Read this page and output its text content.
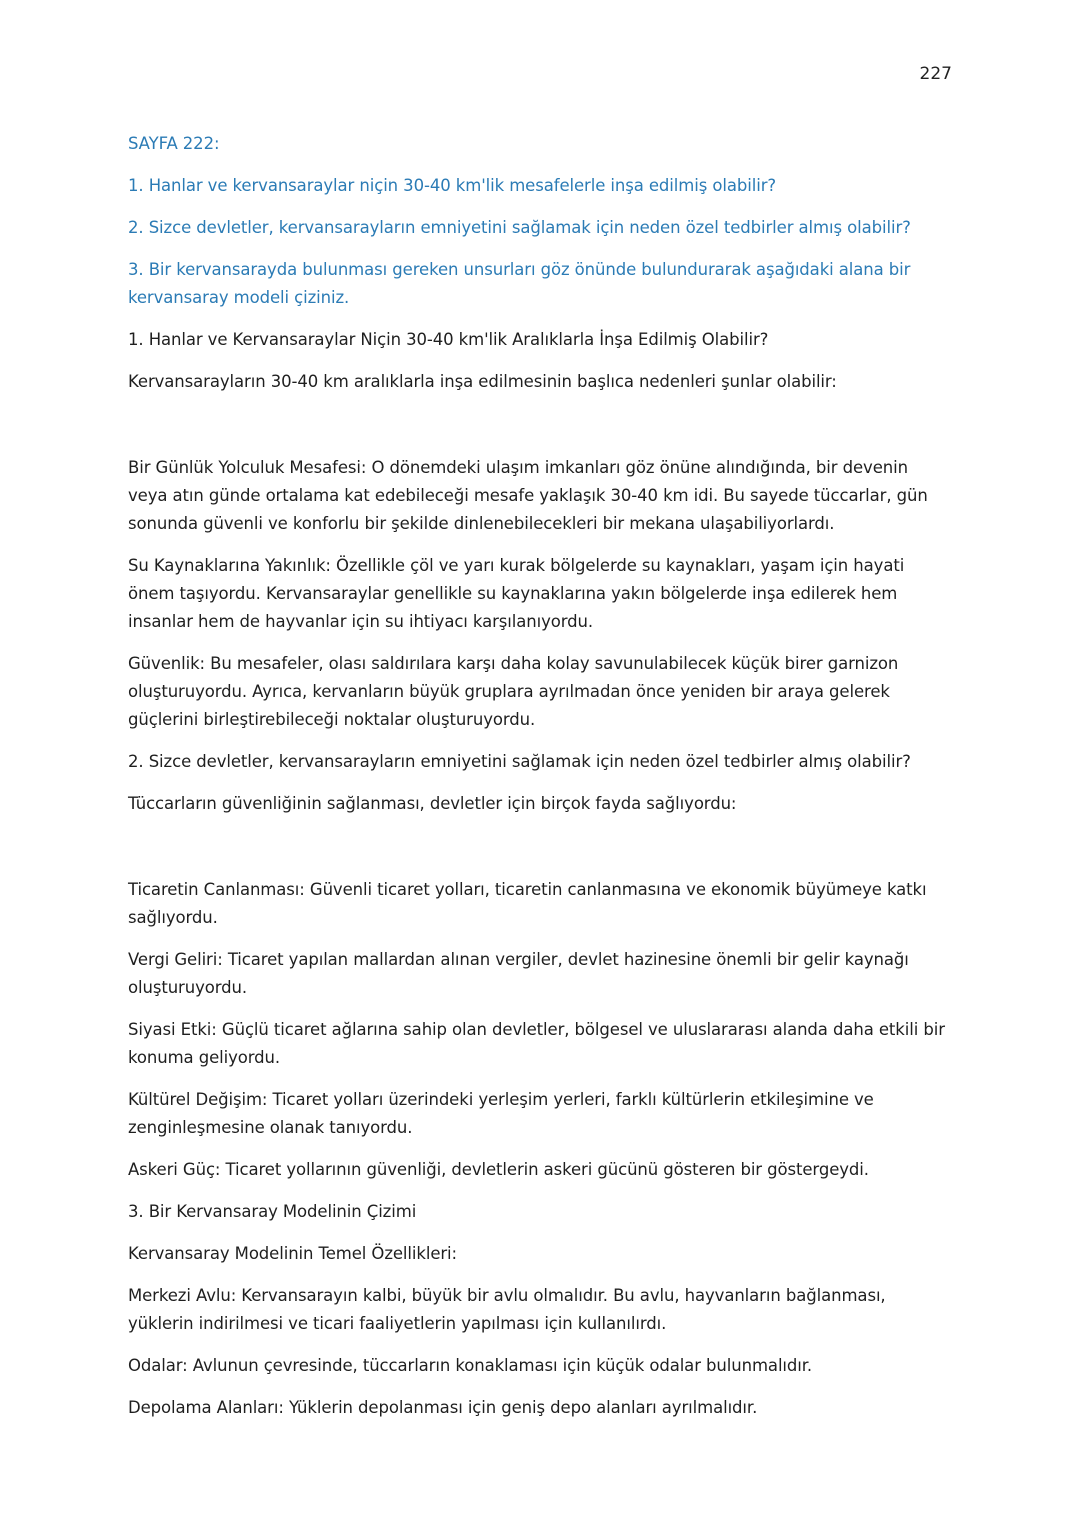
227

SAYFA 222:

1. Hanlar ve kervansaraylar niçin 30-40 km'lik mesafelerle inşa edilmiş olabilir?

2. Sizce devletler, kervansarayların emniyetini sağlamak için neden özel tedbirler almış olabilir?

3. Bir kervansarayda bulunması gereken unsurları göz önünde bulundurarak aşağıdaki alana bir kervansaray modeli çiziniz.

1. Hanlar ve Kervansaraylar Niçin 30-40 km'lik Aralıklarla İnşa Edilmiş Olabilir?

Kervansarayların 30-40 km aralıklarla inşa edilmesinin başlıca nedenleri şunlar olabilir:

Bir Günlük Yolculuk Mesafesi: O dönemdeki ulaşım imkanları göz önüne alındığında, bir devenin veya atın günde ortalama kat edebileceği mesafe yaklaşık 30-40 km idi. Bu sayede tüccarlar, gün sonunda güvenli ve konforlu bir şekilde dinlenebilecekleri bir mekana ulaşabiliyorlardı.

Su Kaynaklarına Yakınlık: Özellikle çöl ve yarı kurak bölgelerde su kaynakları, yaşam için hayati önem taşıyordu. Kervansaraylar genellikle su kaynaklarına yakın bölgelerde inşa edilerek hem insanlar hem de hayvanlar için su ihtiyacı karşılanıyordu.

Güvenlik: Bu mesafeler, olası saldırılara karşı daha kolay savunulabilecek küçük birer garnizon oluşturuyordu. Ayrıca, kervanların büyük gruplara ayrılmadan önce yeniden bir araya gelerek güçlerini birleştirebileceği noktalar oluşturuyordu.

2. Sizce devletler, kervansarayların emniyetini sağlamak için neden özel tedbirler almış olabilir?

Tüccarların güvenliğinin sağlanması, devletler için birçok fayda sağlıyordu:

Ticaretin Canlanması: Güvenli ticaret yolları, ticaretin canlanmasına ve ekonomik büyümeye katkı sağlıyordu.

Vergi Geliri: Ticaret yapılan mallardan alınan vergiler, devlet hazinesine önemli bir gelir kaynağı oluşturuyordu.

Siyasi Etki: Güçlü ticaret ağlarına sahip olan devletler, bölgesel ve uluslararası alanda daha etkili bir konuma geliyordu.

Kültürel Değişim: Ticaret yolları üzerindeki yerleşim yerleri, farklı kültürlerin etkileşimine ve zenginleşmesine olanak tanıyordu.

Askeri Güç: Ticaret yollarının güvenliği, devletlerin askeri gücünü gösteren bir göstergeydi.

3. Bir Kervansaray Modelinin Çizimi

Kervansaray Modelinin Temel Özellikleri:

Merkezi Avlu: Kervansarayın kalbi, büyük bir avlu olmalıdır. Bu avlu, hayvanların bağlanması, yüklerin indirilmesi ve ticari faaliyetlerin yapılması için kullanılırdı.

Odalar: Avlunun çevresinde, tüccarların konaklaması için küçük odalar bulunmalıdır.

Depolama Alanları: Yüklerin depolanması için geniş depo alanları ayrılmalıdır.
